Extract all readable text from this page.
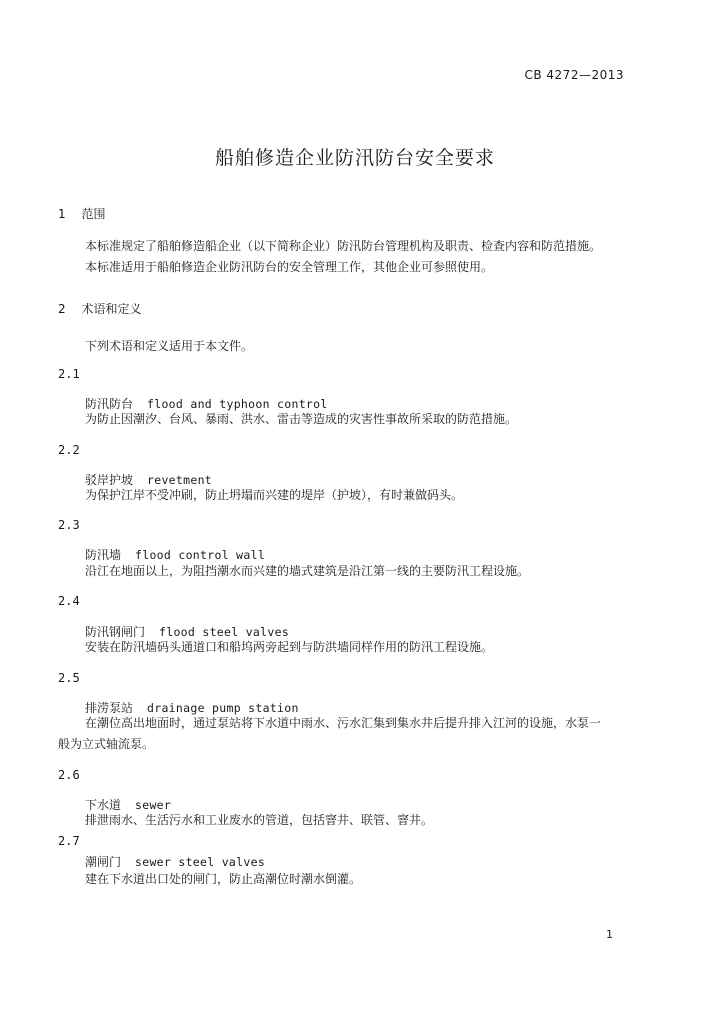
CB 4272—2013
船舶修造企业防汛防台安全要求
1 范围
本标准规定了船舶修造船企业（以下简称企业）防汛防台管理机构及职责、检查内容和防范措施。
本标准适用于船舶修造企业防汛防台的安全管理工作，其他企业可参照使用。
2 术语和定义
下列术语和定义适用于本文件。
2.1
防汛防台 flood and typhoon control
为防止因潮汐、台风、暴雨、洪水、雷击等造成的灾害性事故所采取的防范措施。
2.2
驳岸护坡 revetment
为保护江岸不受冲刷，防止坍塌而兴建的堤岸（护坡），有时兼做码头。
2.3
防汛墙 flood control wall
沿江在地面以上，为阻挡潮水而兴建的墙式建筑是沿江第一线的主要防汛工程设施。
2.4
防汛钢闸门 flood steel valves
安装在防汛墙码头通道口和船坞两旁起到与防洪墙同样作用的防汛工程设施。
2.5
排涝泵站 drainage pump station
在潮位高出地面时，通过泵站将下水道中雨水、污水汇集到集水井后提升排入江河的设施，水泵一般为立式轴流泵。
2.6
下水道 sewer
排泄雨水、生活污水和工业废水的管道，包括窨井、联管、窨井。
2.7
潮闸门 sewer steel valves
建在下水道出口处的闸门，防止高潮位时潮水倒灌。
1
